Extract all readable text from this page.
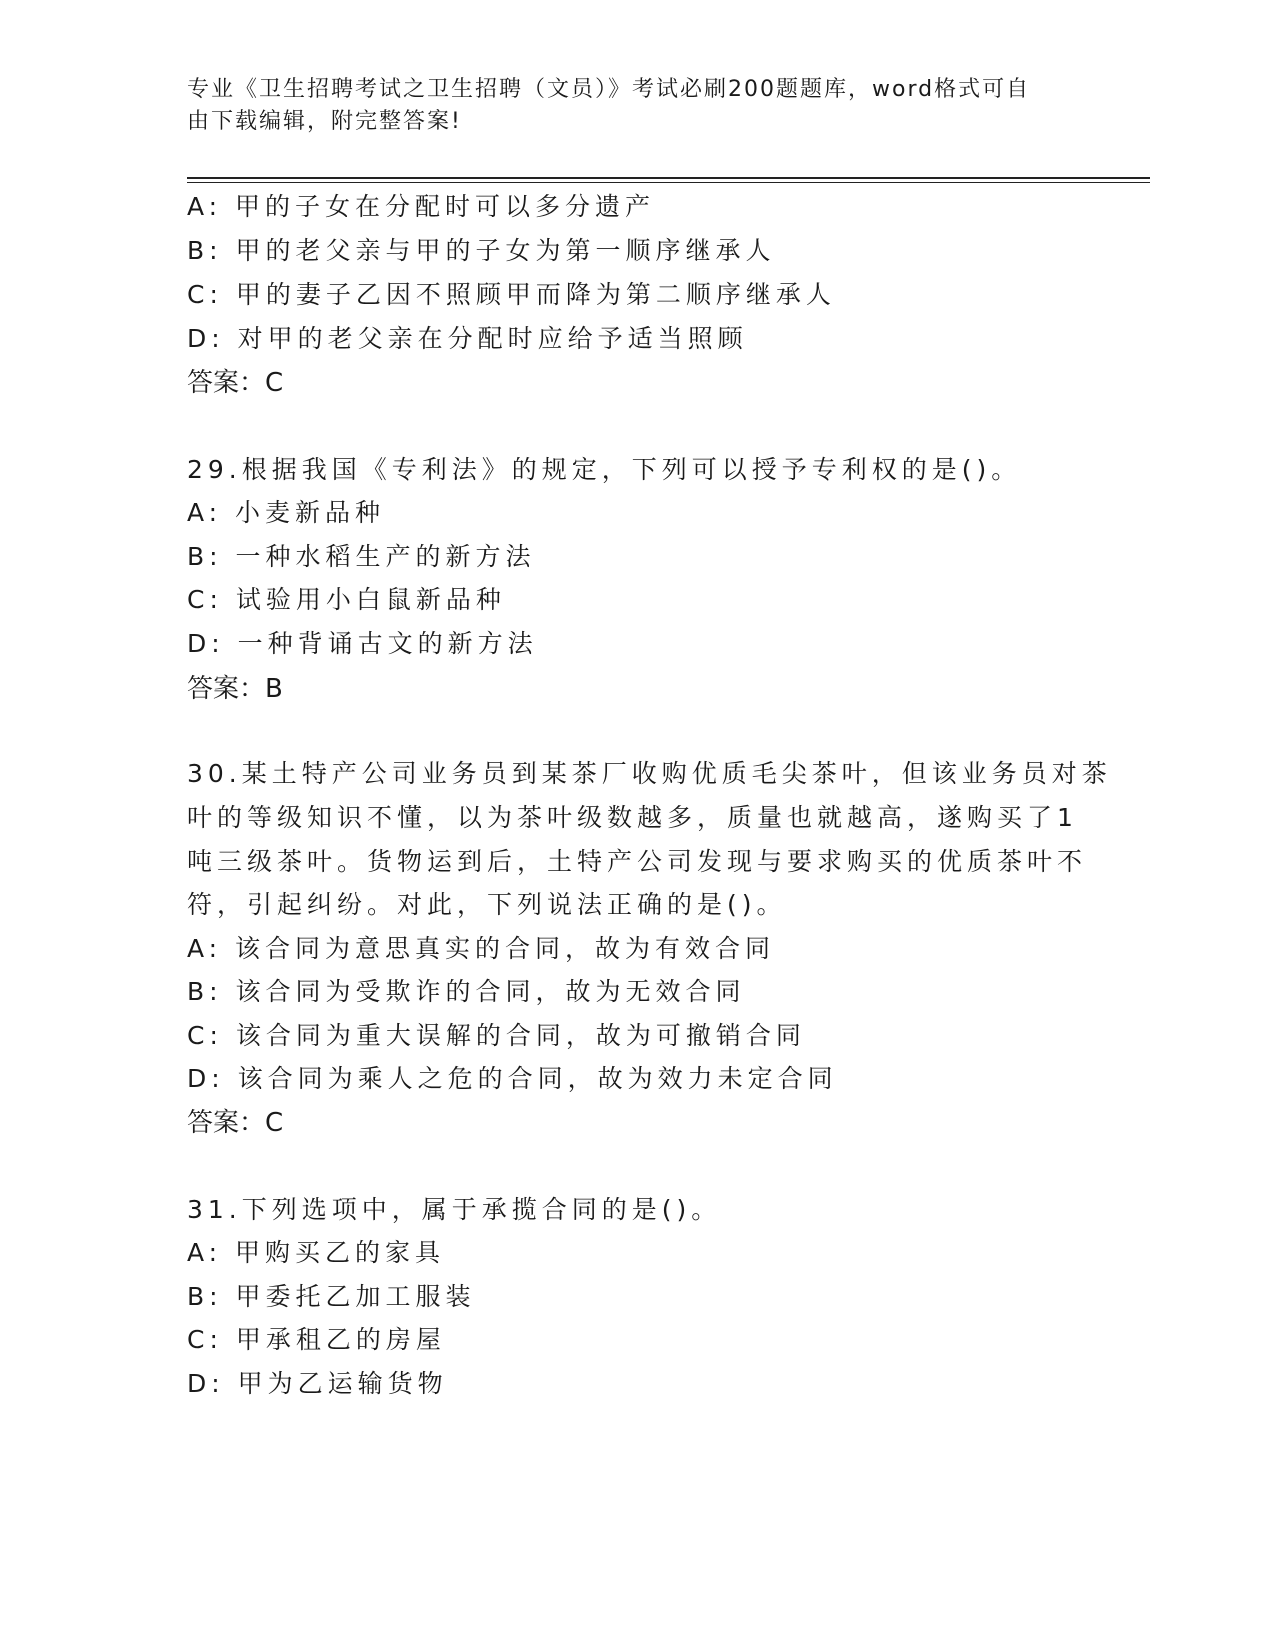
专业《卫生招聘考试之卫生招聘（文员）》考试必刷200题题库，word格式可自
由下载编辑，附完整答案!
A: 甲的子女在分配时可以多分遗产
B: 甲的老父亲与甲的子女为第一顺序继承人
C: 甲的妻子乙因不照顾甲而降为第二顺序继承人
D: 对甲的老父亲在分配时应给予适当照顾
答案：C
29.根据我国《专利法》的规定，下列可以授予专利权的是()。
A: 小麦新品种
B: 一种水稻生产的新方法
C: 试验用小白鼠新品种
D: 一种背诵古文的新方法
答案：B
30.某土特产公司业务员到某茶厂收购优质毛尖茶叶，但该业务员对茶
叶的等级知识不懂，以为茶叶级数越多，质量也就越高，遂购买了1
吨三级茶叶。货物运到后，土特产公司发现与要求购买的优质茶叶不
符，引起纠纷。对此，下列说法正确的是()。
A: 该合同为意思真实的合同，故为有效合同
B: 该合同为受欺诈的合同，故为无效合同
C: 该合同为重大误解的合同，故为可撤销合同
D: 该合同为乘人之危的合同，故为效力未定合同
答案：C
31.下列选项中，属于承揽合同的是()。
A: 甲购买乙的家具
B: 甲委托乙加工服装
C: 甲承租乙的房屋
D: 甲为乙运输货物
